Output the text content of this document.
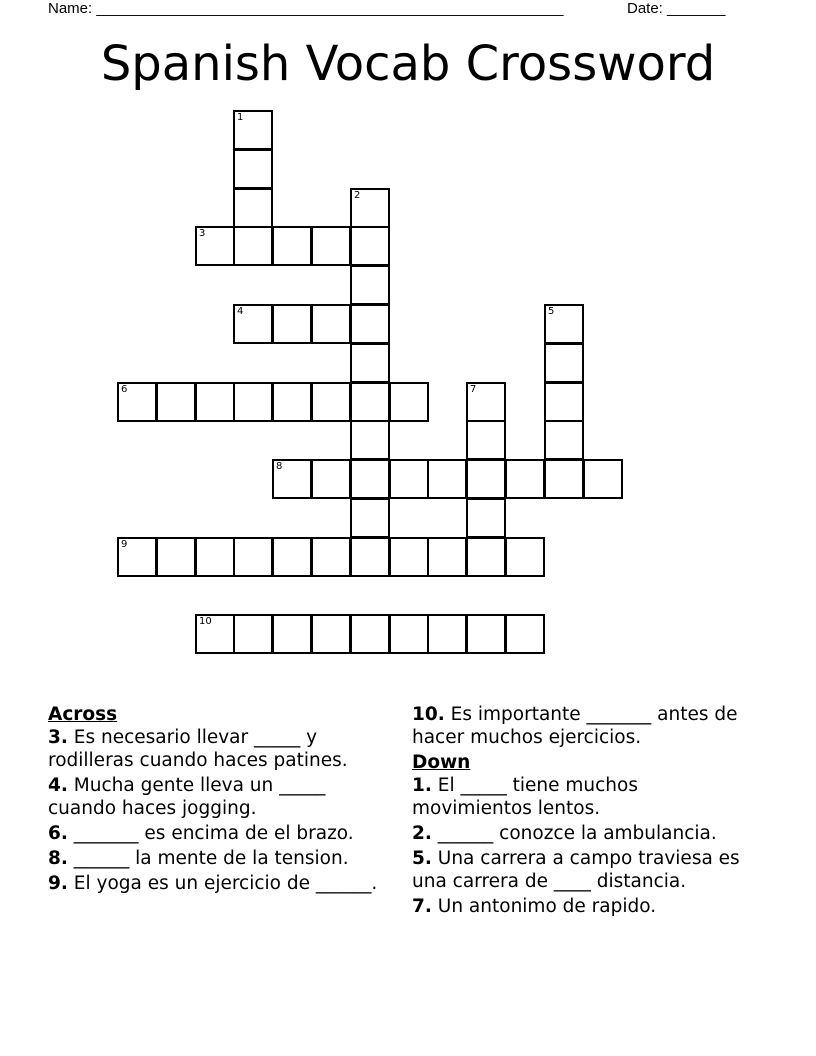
Name: ________________________________________________________	Date: _______
Spanish Vocab Crossword
1
2
3
4	5
6	7
8
9
10

Across

3. Es necesario llevar _____ y rodilleras cuando haces patines.

4. Mucha gente lleva un _____ cuando haces jogging.

6. _______ es encima de el brazo.

8. ______ la mente de la tension.

9. El yoga es un ejercicio de ______.

10. Es importante _______ antes de hacer muchos ejercicios.

Down

1. El _____ tiene muchos movimientos lentos.

2. ______ conozce la ambulancia.

5. Una carrera a campo traviesa es una carrera de ____ distancia.

7. Un antonimo de rapido.
